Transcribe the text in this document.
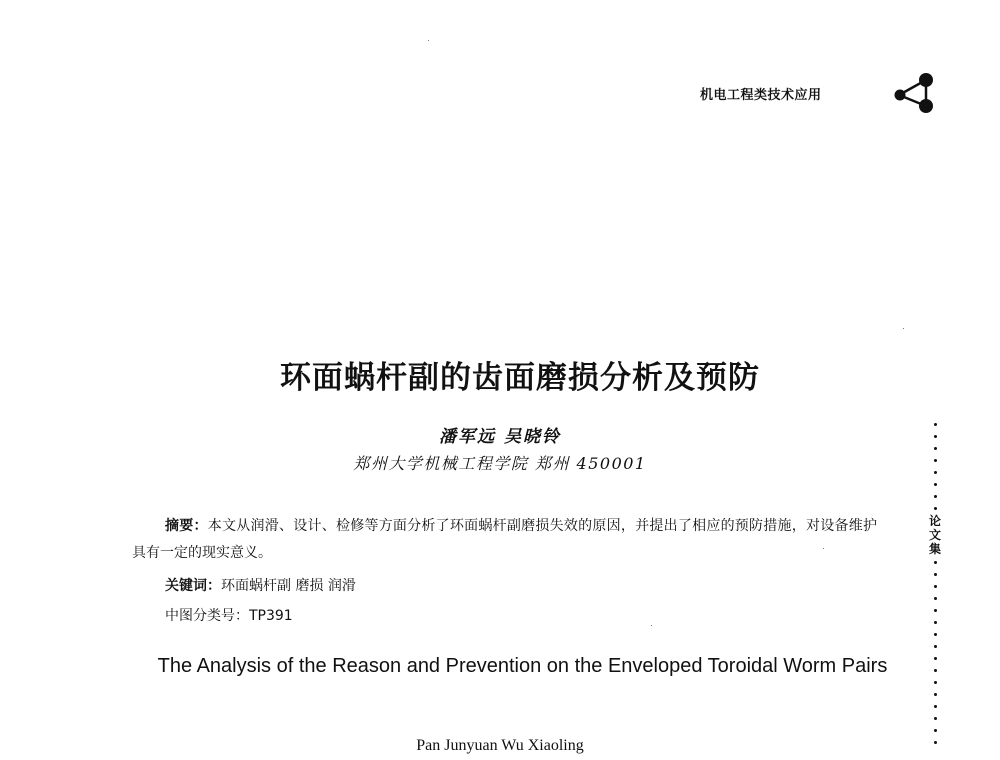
机电工程类技术应用
环面蜗杆副的齿面磨损分析及预防
潘军远 吴晓铃
郑州大学机械工程学院 郑州 450001
摘要：本文从润滑、设计、检修等方面分析了环面蜗杆副磨损失效的原因，并提出了相应的预防措施，对设备维护具有一定的现实意义。
关键词：环面蜗杆副 磨损 润滑
中图分类号：TP391
The Analysis of the Reason and Prevention on the Enveloped Toroidal Worm Pairs
Pan Junyuan Wu Xiaoling
论
文
集
